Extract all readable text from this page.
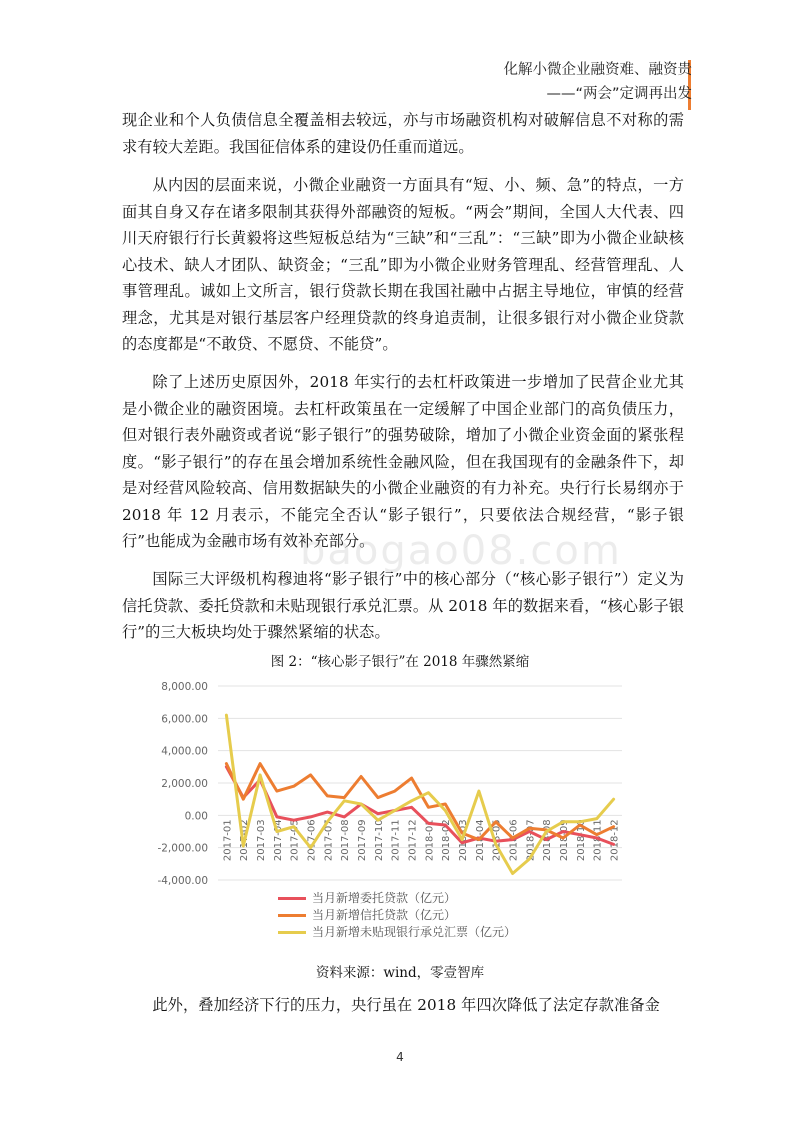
化解小微企业融资难、融资贵
——“两会”定调再出发

现企业和个人负债信息全覆盖相去较远，亦与市场融资机构对破解信息不对称的需求有较大差距。我国征信体系的建设仍任重而道远。

从内因的层面来说，小微企业融资一方面具有“短、小、频、急”的特点，一方面其自身又存在诸多限制其获得外部融资的短板。“两会”期间，全国人大代表、四川天府银行行长黄毅将这些短板总结为“三缺”和“三乱”：“三缺”即为小微企业缺核心技术、缺人才团队、缺资金；“三乱”即为小微企业财务管理乱、经营管理乱、人事管理乱。诚如上文所言，银行贷款长期在我国社融中占据主导地位，审慎的经营理念，尤其是对银行基层客户经理贷款的终身追责制，让很多银行对小微企业贷款的态度都是“不敢贷、不愿贷、不能贷”。

除了上述历史原因外，2018 年实行的去杠杆政策进一步增加了民营企业尤其是小微企业的融资困境。去杠杆政策虽在一定缓解了中国企业部门的高负债压力，但对银行表外融资或者说“影子银行”的强势破除，增加了小微企业资金面的紧张程度。“影子银行”的存在虽会增加系统性金融风险，但在我国现有的金融条件下，却是对经营风险较高、信用数据缺失的小微企业融资的有力补充。央行行长易纲亦于 2018 年 12 月表示，不能完全否认“影子银行”，只要依法合规经营，“影子银行”也能成为金融市场有效补充部分。

国际三大评级机构穆迪将“影子银行”中的核心部分（“核心影子银行”）定义为信托贷款、委托贷款和未贴现银行承兑汇票。从 2018 年的数据来看，“核心影子银行”的三大板块均处于骤然紧缩的状态。

baogao08.com
图 2：“核心影子银行”在 2018 年骤然紧缩
8,000.00
6,000.00
4,000.00
2,000.00
0.00
-2,000.00
-4,000.00
2017-01 2017-02 2017-03 2017-04 2017-05 2017-06 2017-07 2017-08 2017-09 2017-10 2017-11 2017-12 2018-01 2018-02 2018-03 2018-04 2018-05 2018-06 2018-07 2018-08 2018-09 2018-10 2018-11 2018-12
当月新增委托贷款（亿元）
当月新增信托贷款（亿元）
当月新增未贴现银行承兑汇票（亿元）
资料来源：wind，零壹智库

此外，叠加经济下行的压力，央行虽在 2018 年四次降低了法定存款准备金

4
